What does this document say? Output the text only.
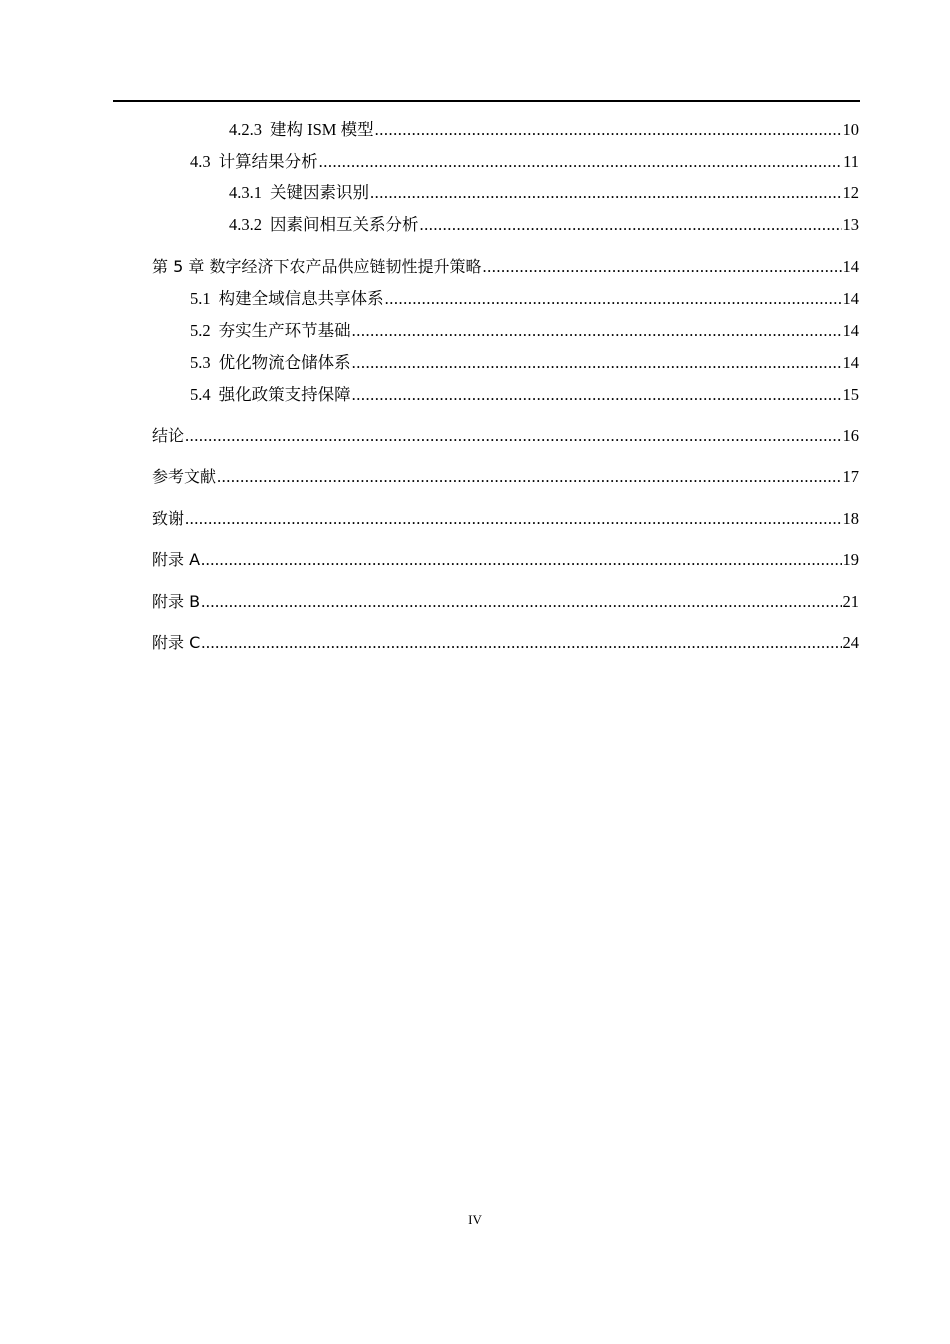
4.2.3 建构 ISM 模型 .....	10
4.3 计算结果分析 .....	11
4.3.1 关键因素识别 .....	12
4.3.2 因素间相互关系分析 .....	13
第 5 章 数字经济下农产品供应链韧性提升策略 .....	14
5.1 构建全域信息共享体系 .....	14
5.2 夯实生产环节基础 .....	14
5.3 优化物流仓储体系 .....	14
5.4 强化政策支持保障 .....	15
结论 .....	16
参考文献 .....	17
致谢 .....	18
附录 A .....	19
附录 B .....	21
附录 C .....	24
IV
